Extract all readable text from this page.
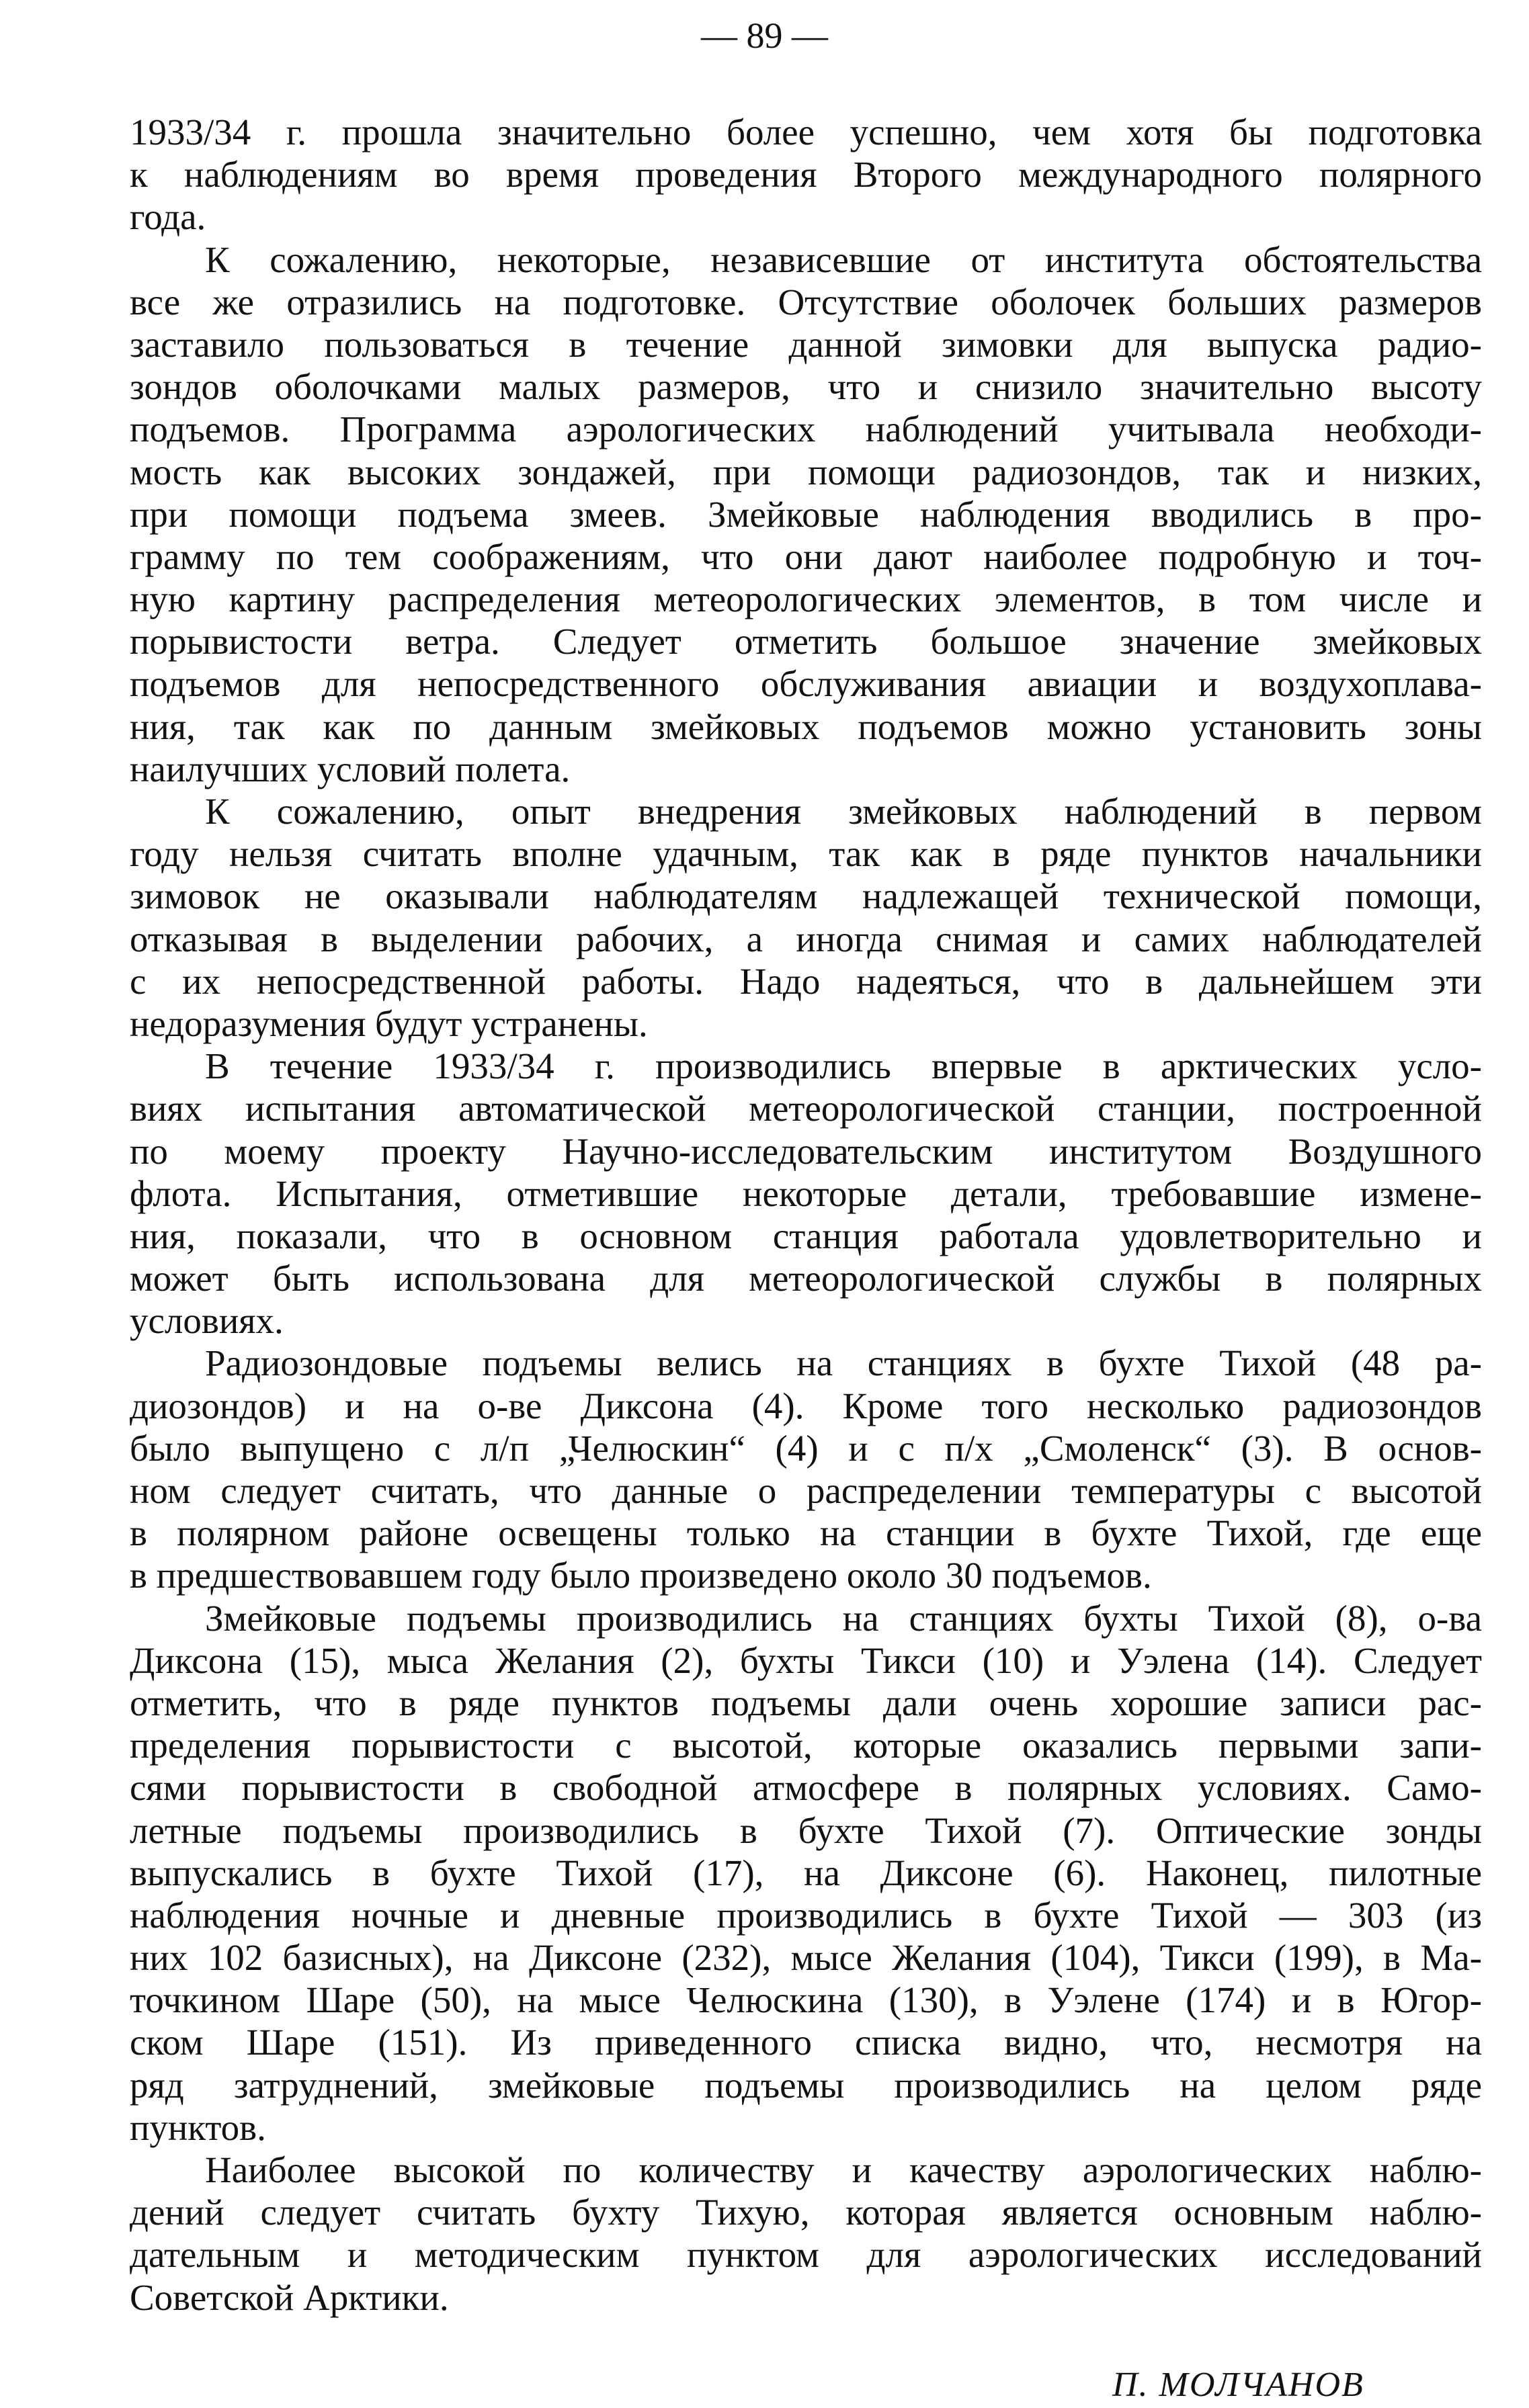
— 89 —
1933/34 г. прошла значительно более успешно, чем хотя бы подготовка
к наблюдениям во время проведения Второго международного полярного
года.
К сожалению, некоторые, независевшие от института обстоятельства
все же отразились на подготовке. Отсутствие оболочек больших размеров
заставило пользоваться в течение данной зимовки для выпуска радио-
зондов оболочками малых размеров, что и снизило значительно высоту
подъемов. Программа аэрологических наблюдений учитывала необходи-
мость как высоких зондажей, при помощи радиозондов, так и низких,
при помощи подъема змеев. Змейковые наблюдения вводились в про-
грамму по тем соображениям, что они дают наиболее подробную и точ-
ную картину распределения метеорологических элементов, в том числе и
порывистости ветра. Следует отметить большое значение змейковых
подъемов для непосредственного обслуживания авиации и воздухоплава-
ния, так как по данным змейковых подъемов можно установить зоны
наилучших условий полета.
К сожалению, опыт внедрения змейковых наблюдений в первом
году нельзя считать вполне удачным, так как в ряде пунктов начальники
зимовок не оказывали наблюдателям надлежащей технической помощи,
отказывая в выделении рабочих, а иногда снимая и самих наблюдателей
с их непосредственной работы. Надо надеяться, что в дальнейшем эти
недоразумения будут устранены.
В течение 1933/34 г. производились впервые в арктических усло-
виях испытания автоматической метеорологической станции, построенной
по моему проекту Научно-исследовательским институтом Воздушного
флота. Испытания, отметившие некоторые детали, требовавшие измене-
ния, показали, что в основном станция работала удовлетворительно и
может быть использована для метеорологической службы в полярных
условиях.
Радиозондовые подъемы велись на станциях в бухте Тихой (48 ра-
диозондов) и на о-ве Диксона (4). Кроме того несколько радиозондов
было выпущено с л/п „Челюскин“ (4) и с п/х „Смоленск“ (3). В основ-
ном следует считать, что данные о распределении температуры с высотой
в полярном районе освещены только на станции в бухте Тихой, где еще
в предшествовавшем году было произведено около 30 подъемов.
Змейковые подъемы производились на станциях бухты Тихой (8), о-ва
Диксона (15), мыса Желания (2), бухты Тикси (10) и Уэлена (14). Следует
отметить, что в ряде пунктов подъемы дали очень хорошие записи рас-
пределения порывистости с высотой, которые оказались первыми запи-
сями порывистости в свободной атмосфере в полярных условиях. Само-
летные подъемы производились в бухте Тихой (7). Оптические зонды
выпускались в бухте Тихой (17), на Диксоне (6). Наконец, пилотные
наблюдения ночные и дневные производились в бухте Тихой — 303 (из
них 102 базисных), на Диксоне (232), мысе Желания (104), Тикси (199), в Ма-
точкином Шаре (50), на мысе Челюскина (130), в Уэлене (174) и в Югор-
ском Шаре (151). Из приведенного списка видно, что, несмотря на
ряд затруднений, змейковые подъемы производились на целом ряде
пунктов.
Наиболее высокой по количеству и качеству аэрологических наблю-
дений следует считать бухту Тихую, которая является основным наблю-
дательным и методическим пунктом для аэрологических исследований
Советской Арктики.
П. МОЛЧАНОВ
